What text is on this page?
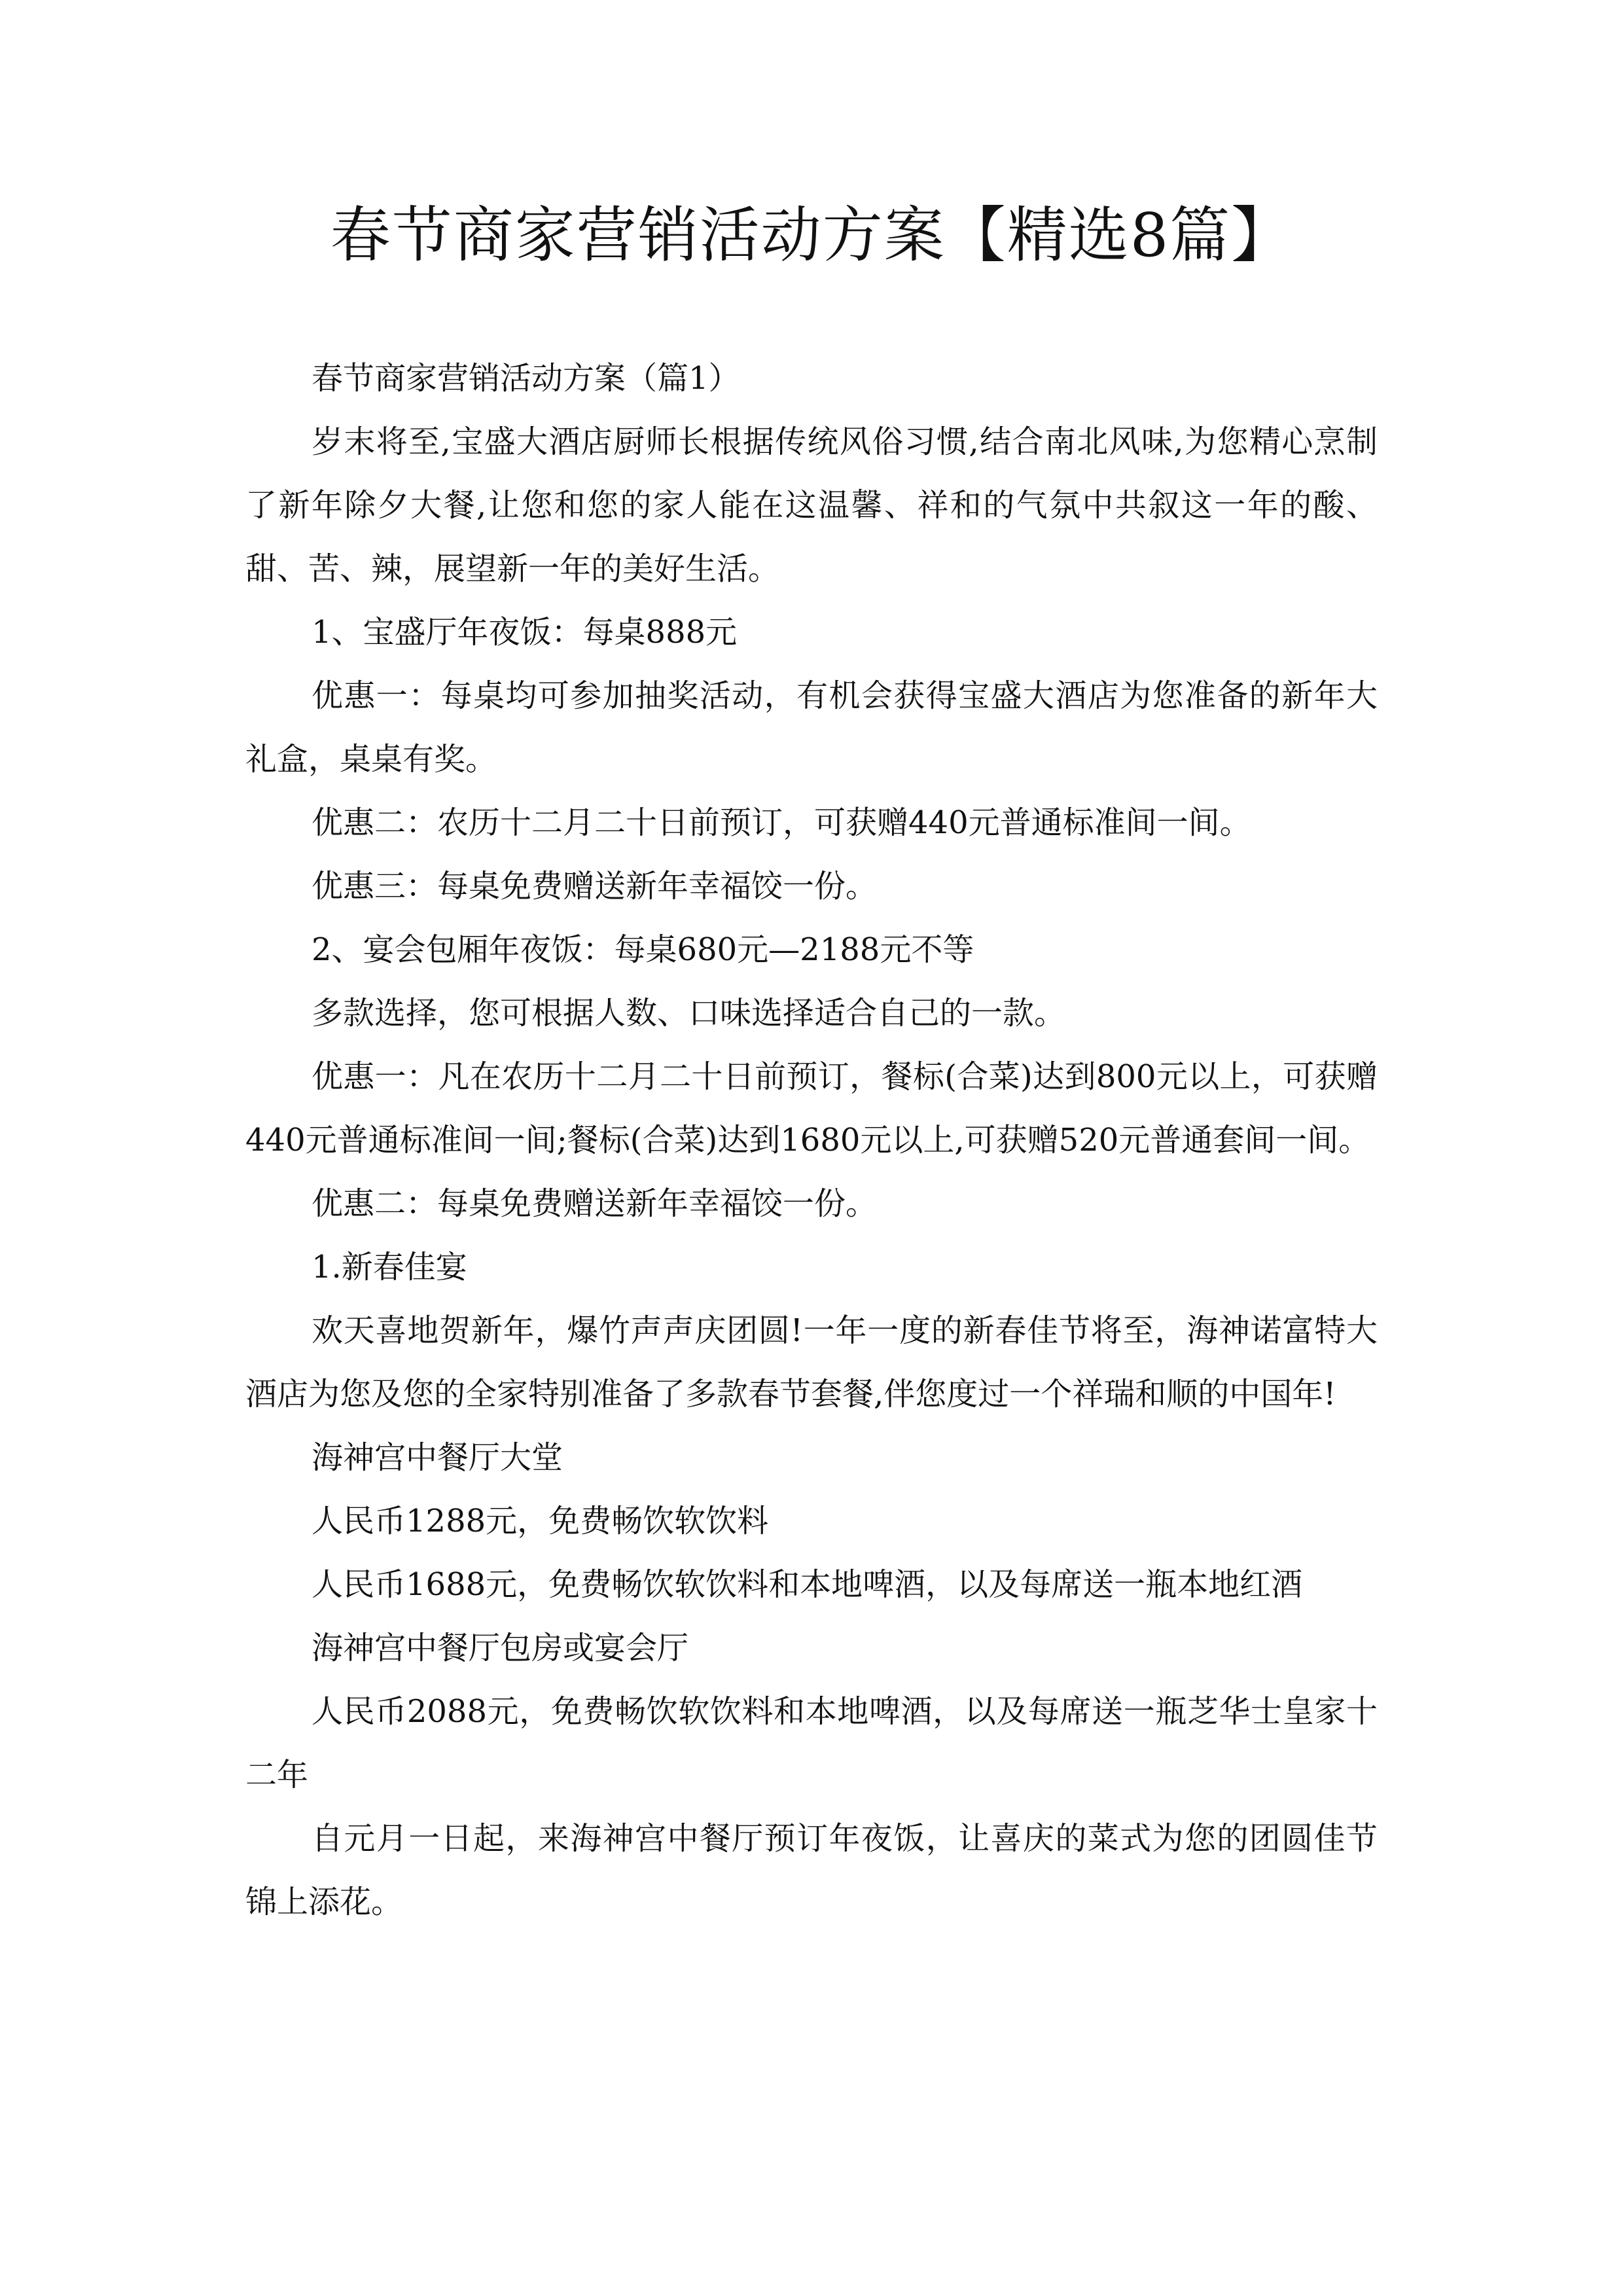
春节商家营销活动方案【精选8篇】

春节商家营销活动方案（篇1）

岁末将至,宝盛大酒店厨师长根据传统风俗习惯,结合南北风味,为您精心烹制了新年除夕大餐,让您和您的家人能在这温馨、祥和的气氛中共叙这一年的酸、甜、苦、辣，展望新一年的美好生活。

1、宝盛厅年夜饭：每桌888元

优惠一：每桌均可参加抽奖活动，有机会获得宝盛大酒店为您准备的新年大礼盒，桌桌有奖。

优惠二：农历十二月二十日前预订，可获赠440元普通标准间一间。

优惠三：每桌免费赠送新年幸福饺一份。

2、宴会包厢年夜饭：每桌680元—2188元不等

多款选择，您可根据人数、口味选择适合自己的一款。

优惠一：凡在农历十二月二十日前预订，餐标(合菜)达到800元以上，可获赠440元普通标准间一间;餐标(合菜)达到1680元以上,可获赠520元普通套间一间。

优惠二：每桌免费赠送新年幸福饺一份。

1.新春佳宴

欢天喜地贺新年，爆竹声声庆团圆!一年一度的新春佳节将至，海神诺富特大酒店为您及您的全家特别准备了多款春节套餐,伴您度过一个祥瑞和顺的中国年!

海神宫中餐厅大堂

人民币1288元，免费畅饮软饮料

人民币1688元，免费畅饮软饮料和本地啤酒，以及每席送一瓶本地红酒

海神宫中餐厅包房或宴会厅

人民币2088元，免费畅饮软饮料和本地啤酒，以及每席送一瓶芝华士皇家十二年

自元月一日起，来海神宫中餐厅预订年夜饭，让喜庆的菜式为您的团圆佳节锦上添花。
